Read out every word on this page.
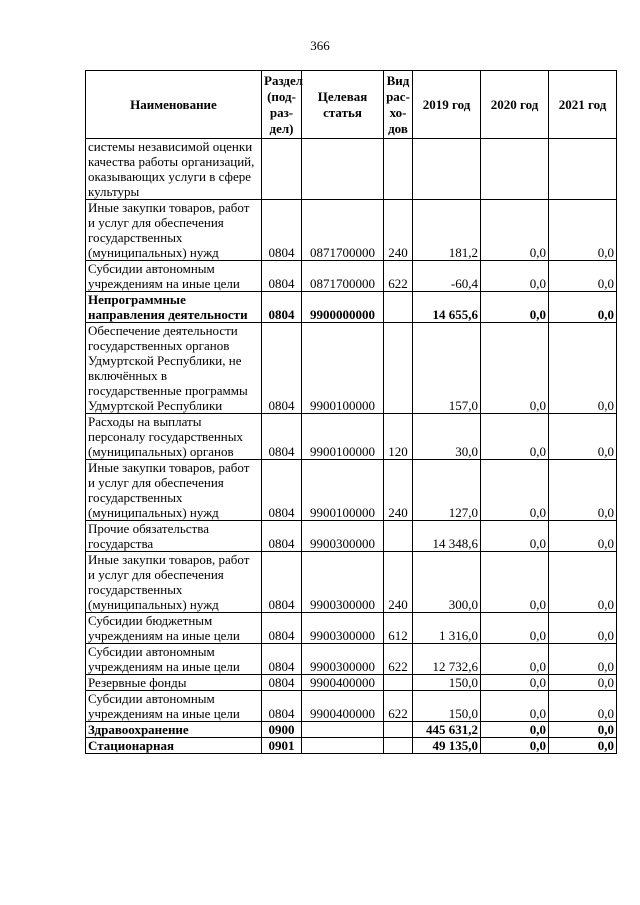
366
Наименование	Раздел (под-раз-дел)	Целевая статья	Вид рас-хо-дов	2019 год	2020 год	2021 год
системы независимой оценки качества работы организаций, оказывающих услуги в сфере культуры						
Иные закупки товаров, работ и услуг для обеспечения государственных (муниципальных) нужд	0804	0871700000	240	181,2	0,0	0,0
Субсидии автономным учреждениям на иные цели	0804	0871700000	622	-60,4	0,0	0,0
Непрограммные направления деятельности	0804	9900000000		14 655,6	0,0	0,0
Обеспечение деятельности государственных органов Удмуртской Республики, не включённых в государственные программы Удмуртской Республики	0804	9900100000		157,0	0,0	0,0
Расходы на выплаты персоналу государственных (муниципальных) органов	0804	9900100000	120	30,0	0,0	0,0
Иные закупки товаров, работ и услуг для обеспечения государственных (муниципальных) нужд	0804	9900100000	240	127,0	0,0	0,0
Прочие обязательства государства	0804	9900300000		14 348,6	0,0	0,0
Иные закупки товаров, работ и услуг для обеспечения государственных (муниципальных) нужд	0804	9900300000	240	300,0	0,0	0,0
Субсидии бюджетным учреждениям на иные цели	0804	9900300000	612	1 316,0	0,0	0,0
Субсидии автономным учреждениям на иные цели	0804	9900300000	622	12 732,6	0,0	0,0
Резервные фонды	0804	9900400000		150,0	0,0	0,0
Субсидии автономным учреждениям на иные цели	0804	9900400000	622	150,0	0,0	0,0
Здравоохранение	0900			445 631,2	0,0	0,0
Стационарная	0901			49 135,0	0,0	0,0
